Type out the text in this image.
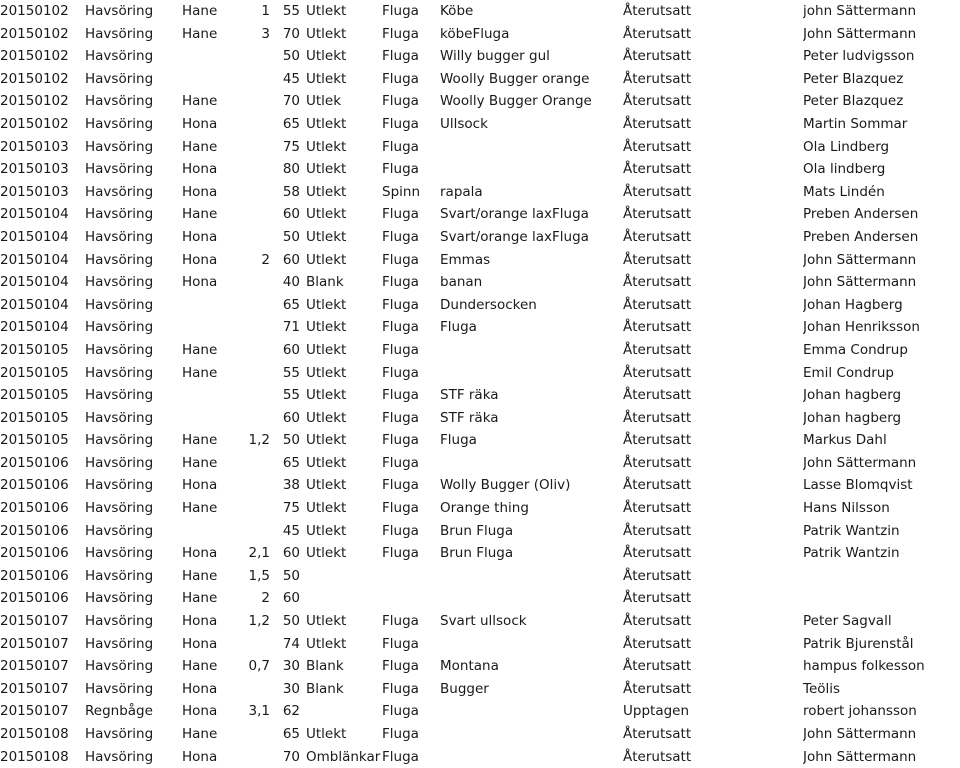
20150102	Havsöring	Hane	1	55	Utlekt	Fluga	Köbe	Återutsatt	john Sättermann
20150102	Havsöring	Hane	3	70	Utlekt	Fluga	köbeFluga	Återutsatt	John Sättermann
20150102	Havsöring			50	Utlekt	Fluga	Willy bugger gul	Återutsatt	Peter ludvigsson
20150102	Havsöring			45	Utlekt	Fluga	Woolly Bugger orange	Återutsatt	Peter Blazquez
20150102	Havsöring	Hane		70	Utlek	Fluga	Woolly Bugger Orange	Återutsatt	Peter Blazquez
20150102	Havsöring	Hona		65	Utlekt	Fluga	Ullsock	Återutsatt	Martin Sommar
20150103	Havsöring	Hane		75	Utlekt	Fluga		Återutsatt	Ola Lindberg
20150103	Havsöring	Hona		80	Utlekt	Fluga		Återutsatt	Ola lindberg
20150103	Havsöring	Hona		58	Utlekt	Spinn	rapala	Återutsatt	Mats Lindén
20150104	Havsöring	Hane		60	Utlekt	Fluga	Svart/orange laxFluga	Återutsatt	Preben Andersen
20150104	Havsöring	Hona		50	Utlekt	Fluga	Svart/orange laxFluga	Återutsatt	Preben Andersen
20150104	Havsöring	Hona	2	60	Utlekt	Fluga	Emmas	Återutsatt	John Sättermann
20150104	Havsöring	Hona		40	Blank	Fluga	banan	Återutsatt	John Sättermann
20150104	Havsöring			65	Utlekt	Fluga	Dundersocken	Återutsatt	Johan Hagberg
20150104	Havsöring			71	Utlekt	Fluga	Fluga	Återutsatt	Johan Henriksson
20150105	Havsöring	Hane		60	Utlekt	Fluga		Återutsatt	Emma Condrup
20150105	Havsöring	Hane		55	Utlekt	Fluga		Återutsatt	Emil Condrup
20150105	Havsöring			55	Utlekt	Fluga	STF räka	Återutsatt	Johan hagberg
20150105	Havsöring			60	Utlekt	Fluga	STF räka	Återutsatt	Johan hagberg
20150105	Havsöring	Hane	1,2	50	Utlekt	Fluga	Fluga	Återutsatt	Markus Dahl
20150106	Havsöring	Hane		65	Utlekt	Fluga		Återutsatt	John Sättermann
20150106	Havsöring	Hona		38	Utlekt	Fluga	Wolly Bugger (Oliv)	Återutsatt	Lasse Blomqvist
20150106	Havsöring	Hane		75	Utlekt	Fluga	Orange thing	Återutsatt	Hans Nilsson
20150106	Havsöring			45	Utlekt	Fluga	Brun Fluga	Återutsatt	Patrik Wantzin
20150106	Havsöring	Hona	2,1	60	Utlekt	Fluga	Brun Fluga	Återutsatt	Patrik Wantzin
20150106	Havsöring	Hane	1,5	50				Återutsatt	
20150106	Havsöring	Hane	2	60				Återutsatt	
20150107	Havsöring	Hona	1,2	50	Utlekt	Fluga	Svart ullsock	Återutsatt	Peter Sagvall
20150107	Havsöring	Hona		74	Utlekt	Fluga		Återutsatt	Patrik Bjurenstål
20150107	Havsöring	Hane	0,7	30	Blank	Fluga	Montana	Återutsatt	hampus folkesson
20150107	Havsöring	Hona		30	Blank	Fluga	Bugger	Återutsatt	Teölis
20150107	Regnbåge	Hona	3,1	62		Fluga		Upptagen	robert johansson
20150108	Havsöring	Hane		65	Utlekt	Fluga		Återutsatt	John Sättermann
20150108	Havsöring	Hona		70	Omblänkar	Fluga		Återutsatt	John Sättermann
